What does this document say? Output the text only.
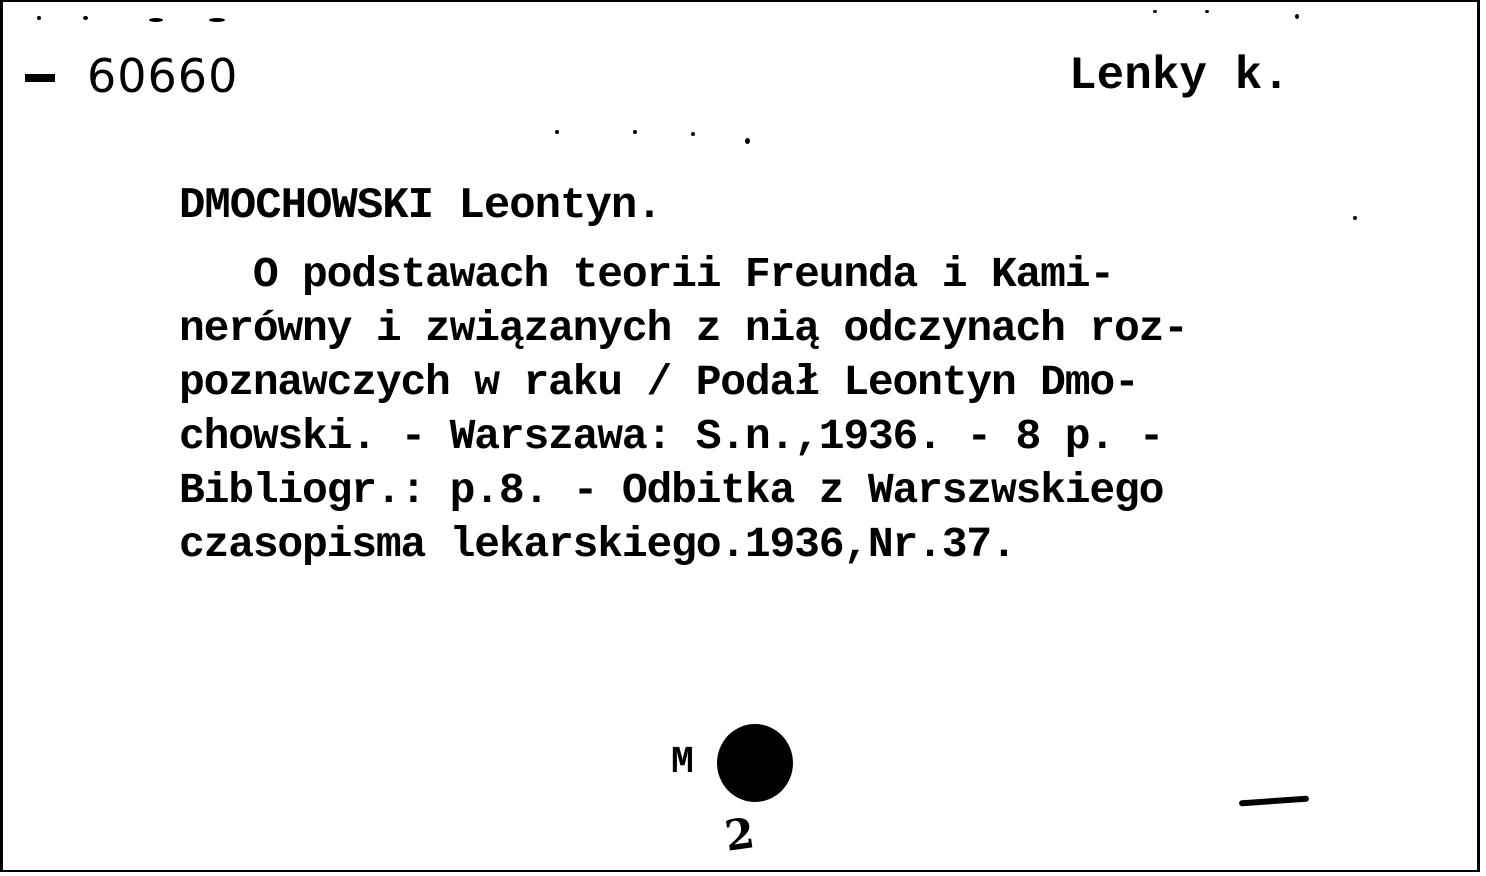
60660	Lenky k.
DMOCHOWSKI Leontyn.
O podstawach teorii Freunda i Kami-
nerówny i związanych z nią odczynach roz-
poznawczych w raku / Podał Leontyn Dmo-
chowski. - Warszawa: S.n.,1936. - 8 p. -
Bibliogr.: p.8. - Odbitka z Warszwskiego
czasopisma lekarskiego.1936,Nr.37.
M
2
